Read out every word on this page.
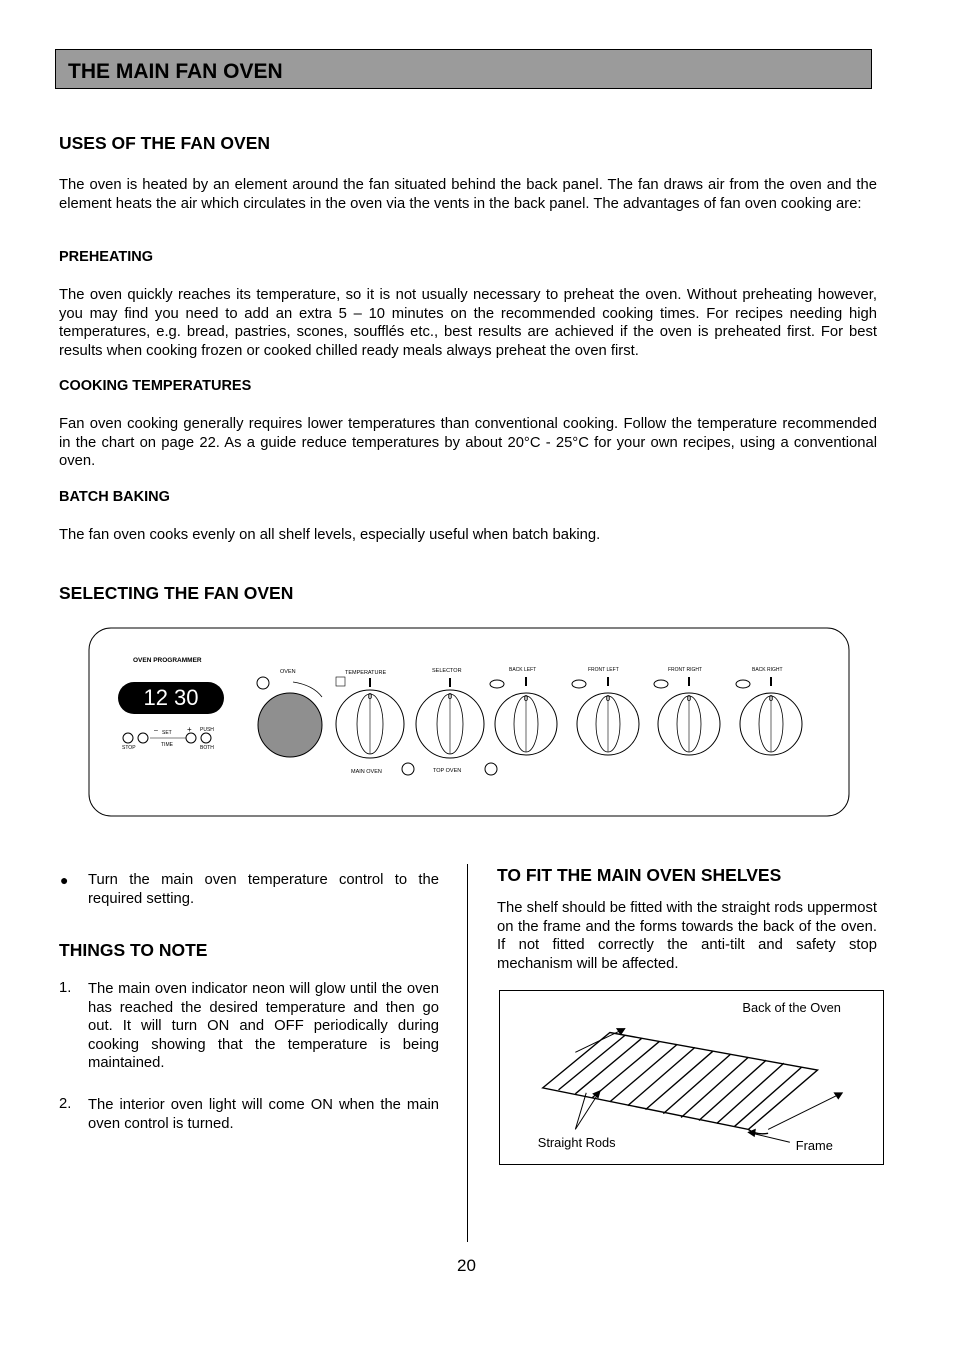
THE MAIN FAN OVEN
USES OF THE FAN OVEN

The oven is heated by an element around the fan situated behind the back panel. The fan draws air from the oven and the element heats the air which circulates in the oven via the vents in the back panel. The advantages of fan oven cooking are:

PREHEATING

The oven quickly reaches its temperature, so it is not usually necessary to preheat the oven. Without preheating however, you may find you need to add an extra 5 – 10 minutes on the recommended cooking times. For recipes needing high temperatures, e.g. bread, pastries, scones, soufflés etc., best results are achieved if the oven is preheated first. For best results when cooking frozen or cooked chilled ready meals always preheat the oven first.

COOKING TEMPERATURES

Fan oven cooking generally requires lower temperatures than conventional cooking. Follow the temperature recommended in the chart on page 22. As a guide reduce temperatures by about 20°C - 25°C for your own recipes, using a conventional oven.

BATCH BAKING

The fan oven cooks evenly on all shelf levels, especially useful when batch baking.

SELECTING THE FAN OVEN
OVEN PROGRAMMER
12 30
STOP
– SET + PUSH
TIME	BOTH
OVEN	TEMPERATURE	SELECTOR	BACK LEFT	FRONT LEFT	FRONT RIGHT	BACK RIGHT
0	0	0	0	0	0
MAIN OVEN	TOP OVEN
● Turn the main oven temperature control to the required setting.

THINGS TO NOTE
1. The main oven indicator neon will glow until the oven has reached the desired temperature and then go out. It will turn ON and OFF periodically during cooking showing that the temperature is being maintained.

2. The interior oven light will come ON when the main oven control is turned.

TO FIT THE MAIN OVEN SHELVES

The shelf should be fitted with the straight rods uppermost on the frame and the forms towards the back of the oven. If not fitted correctly the anti-tilt and safety stop mechanism will be affected.

Back of the Oven
Straight Rods	Frame
20
